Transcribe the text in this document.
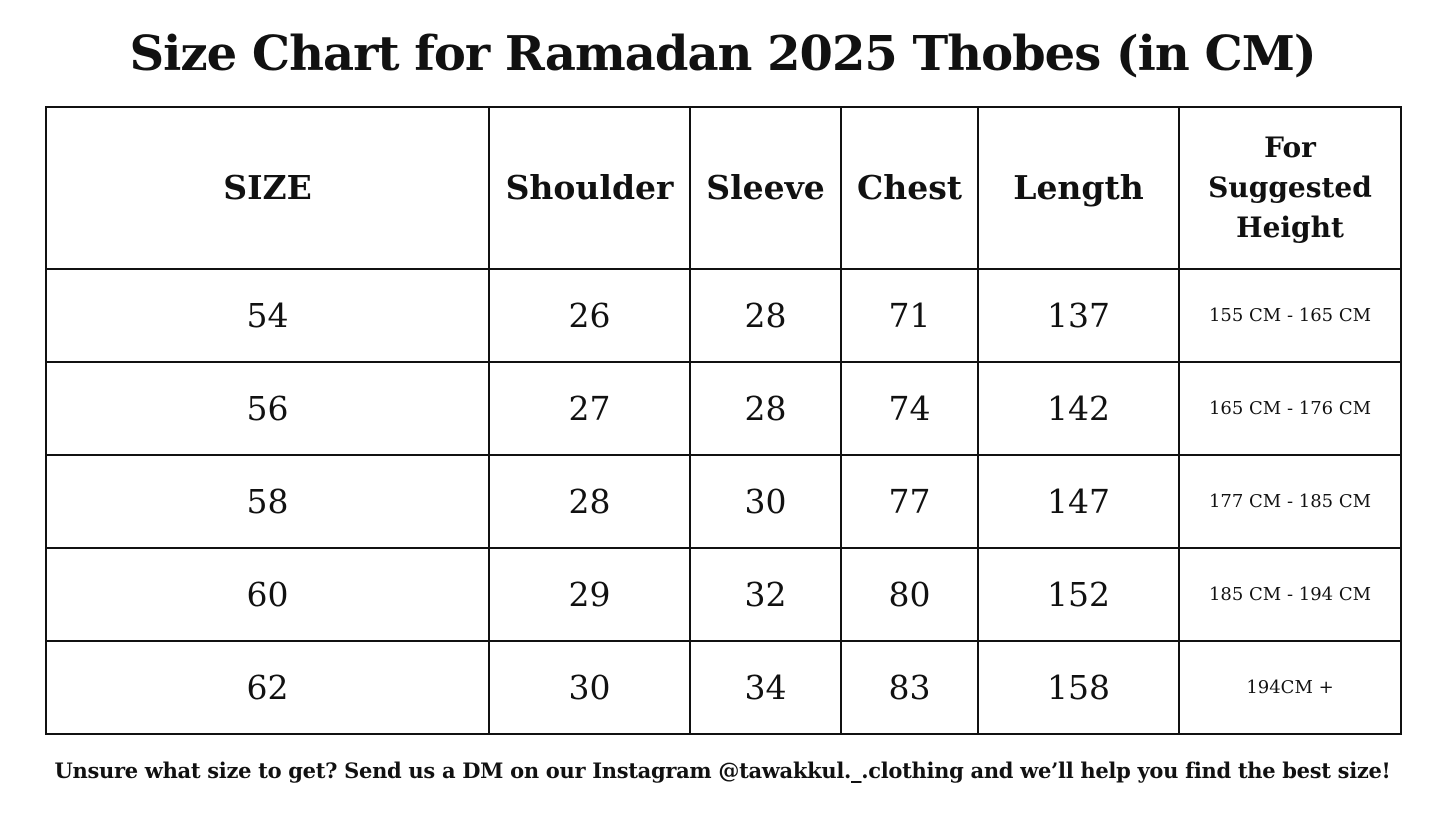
Size Chart for Ramadan 2025 Thobes (in CM)
SIZE	Shoulder	Sleeve	Chest	Length	For Suggested Height
54	26	28	71	137	155 CM - 165 CM
56	27	28	74	142	165 CM - 176 CM
58	28	30	77	147	177 CM - 185 CM
60	29	32	80	152	185 CM - 194 CM
62	30	34	83	158	194CM +
Unsure what size to get? Send us a DM on our Instagram @tawakkul._.clothing and we’ll help you find the best size!
